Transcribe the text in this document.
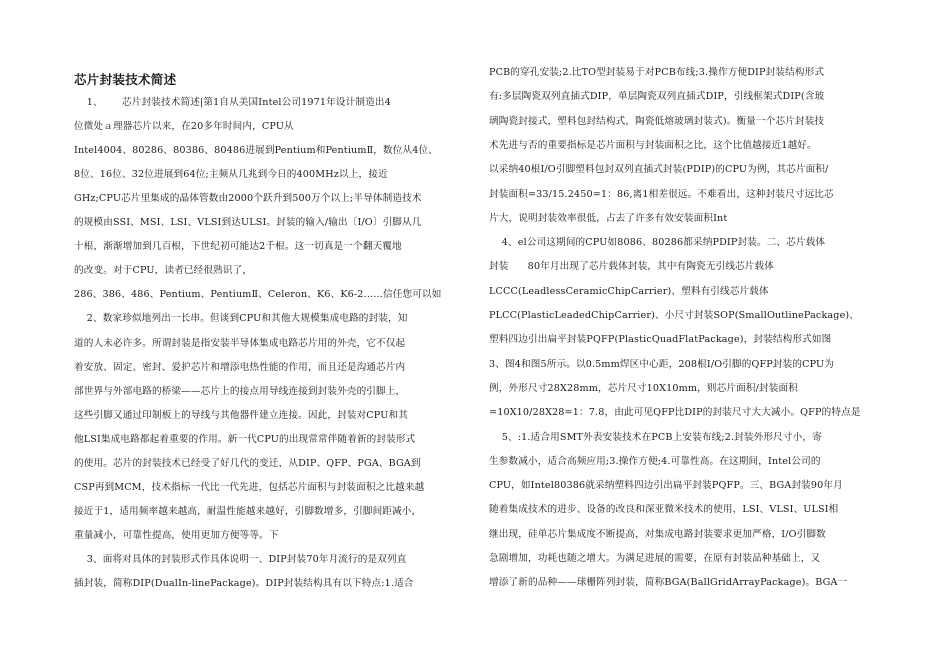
芯片封装技术简述
1、      芯片封装技术简述|第1自从美国Intel公司1971年设计制造出4
位微处ａ理器芯片以来，在20多年时间内，CPU从
Intel4004、80286、80386、80486进展到Pentium和PentiumⅡ，数位从4位、
8位、16位、32位进展到64位;主频从几兆到今日的400MHz以上，接近
GHz;CPU芯片里集成的晶体管数由2000个跃升到500万个以上;半导体制造技术
的规模由SSI、MSI、LSI、VLSI到达ULSI。封装的输入/输出〔I/O〕引脚从几
十根，渐渐增加到几百根，下世纪初可能达2千根。这一切真是一个翻天覆地
的改变。对于CPU，读者已经很熟识了，
286、386、486、Pentium、PentiumⅡ、Celeron、K6、K6-2……信任您可以如
2、数家珍似地列出一长串。但谈到CPU和其他大规模集成电路的封装，知
道的人未必许多。所谓封装是指安装半导体集成电路芯片用的外壳，它不仅起
着安放、固定、密封、爱护芯片和增添电热性能的作用，而且还是沟通芯片内
部世界与外部电路的桥梁——芯片上的接点用导线连接到封装外壳的引脚上，
这些引脚又通过印制板上的导线与其他器件建立连接。因此，封装对CPU和其
他LSI集成电路都起着重要的作用。新一代CPU的出现常常伴随着新的封装形式
的使用。芯片的封装技术已经受了好几代的变迁，从DIP、QFP、PGA、BGA到
CSP再到MCM，技术指标一代比一代先进，包括芯片面积与封装面积之比越来越
接近于1，适用频率越来越高，耐温性能越来越好，引脚数增多，引脚间距减小，
重量减小，可靠性提高，使用更加方便等等。下
3、面将对具体的封装形式作具体说明一、DIP封装70年月流行的是双列直
插封装，简称DIP(DualIn-linePackage)。DIP封装结构具有以下特点:1.适合
PCB的穿孔安装;2.比TO型封装易于对PCB布线;3.操作方便DIP封装结构形式
有:多层陶瓷双列直插式DIP，单层陶瓷双列直插式DIP，引线框架式DIP(含玻
璃陶瓷封接式，塑料包封结构式，陶瓷低熔玻璃封装式)。衡量一个芯片封装技
术先进与否的重要指标是芯片面积与封装面积之比，这个比值越接近1越好。
以采纳40根I/O引脚塑料包封双列直插式封装(PDIP)的CPU为例，其芯片面积/
封装面积=33/15.2450=1：86,离1相差很远。不难看出，这种封装尺寸远比芯
片大，说明封装效率很低，占去了许多有效安装面积Int
4、el公司这期间的CPU如8086、80286都采纳PDIP封装。二、芯片载体
封装      80年月出现了芯片载体封装，其中有陶瓷无引线芯片载体
LCCC(LeadlessCeramicChipCarrier)、塑料有引线芯片载体
PLCC(PlasticLeadedChipCarrier)、小尺寸封装SOP(SmallOutlinePackage)、
塑料四边引出扁平封装PQFP(PlasticQuadFlatPackage)，封装结构形式如图
3、图4和图5所示。以0.5mm焊区中心距，208根I/O引脚的QFP封装的CPU为
例，外形尺寸28X28mm，芯片尺寸10X10mm，则芯片面积/封装面积
=10X10/28X28=1：7.8，由此可见QFP比DIP的封装尺寸大大减小。QFP的特点是
5、:1.适合用SMT外表安装技术在PCB上安装布线;2.封装外形尺寸小，寄
生参数减小，适合高频应用;3.操作方便;4.可靠性高。在这期间，Intel公司的
CPU，如Intel80386就采纳塑料四边引出扁平封装PQFP。三、BGA封装90年月
随着集成技术的进步、设备的改良和深亚微米技术的使用，LSI、VLSI、ULSI相
继出现，硅单芯片集成度不断提高，对集成电路封装要求更加严格，I/O引脚数
急剧增加，功耗也随之增大。为满足进展的需要，在原有封装品种基础上，又
增添了新的品种——球栅阵列封装，简称BGA(BallGridArrayPackage)。BGA一
